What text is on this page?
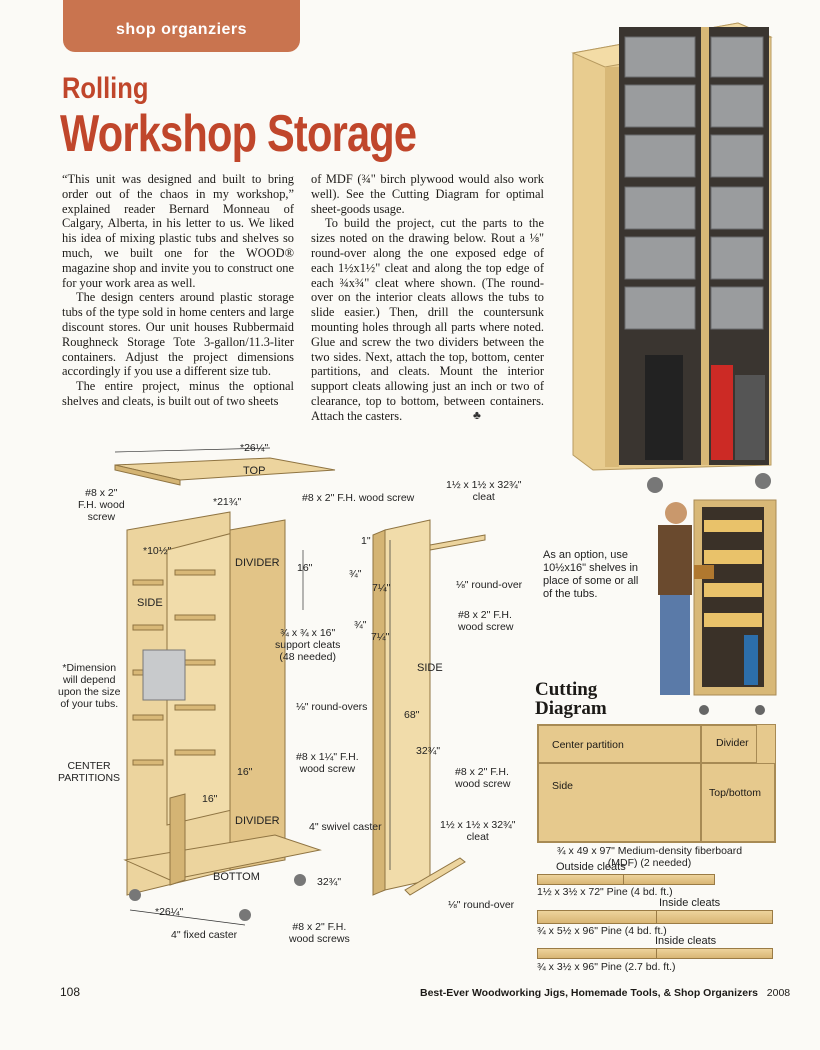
shop organziers
Rolling
Workshop Storage

“This unit was designed and built to bring order out of the chaos in my workshop,” explained reader Bernard Monneau of Calgary, Alberta, in his letter to us. We liked his idea of mixing plastic tubs and shelves so much, we built one for the WOOD® magazine shop and invite you to construct one for your work area as well.

The design centers around plastic storage tubs of the type sold in home centers and large discount stores. Our unit houses Rubbermaid Roughneck Storage Tote 3-gallon/11.3-liter containers. Adjust the project dimensions accordingly if you use a different size tub.

The entire project, minus the optional shelves and cleats, is built out of two sheets

of MDF (¾" birch plywood would also work well). See the Cutting Diagram for optimal sheet-goods usage.

To build the project, cut the parts to the sizes noted on the drawing below. Rout a ⅛" round-over along the one exposed edge of each 1½x1½" cleat and along the top edge of each ¾x¾" cleat where shown. (The round-over on the interior cleats allows the tubs to slide easier.) Then, drill the countersunk mounting holes through all parts where noted. Glue and screw the two dividers between the two sides. Next, attach the top, bottom, center partitions, and cleats. Mount the interior support cleats allowing just an inch or two of clearance, top to bottom, between containers. Attach the casters.	♣
As an option, use 10½x16" shelves in place of some or all of the tubs.
*26¼"
TOP
#8 x 2"
F.H. wood
screw
*21¾"	#8 x 2" F.H. wood screw
1½ x 1½ x 32¾"
cleat
*10½"
DIVIDER 16"
1"
¾"
7¼"	⅛" round-over
SIDE
¾ x ¾ x 16"
support cleats
(48 needed)
¾"
7¼"
#8 x 2" F.H.
wood screw
*Dimension
will depend
upon the size
of your tubs.
SIDE
⅛" round-overs
68"
CENTER
PARTITIONS
#8 x 1¼" F.H.
wood screw
16"
32¾"
#8 x 2" F.H.
wood screw
16"
DIVIDER	4" swivel caster	1½ x 1½ x 32¾"
cleat
BOTTOM	32¾"
*26¼"
⅛" round-over
4" fixed caster
#8 x 2" F.H.
wood screws
Cutting
Diagram
Center partition	Divider
Side
Top/bottom
¾ x 49 x 97" Medium-density fiberboard
(MDF) (2 needed)
Outside cleats
1½ x 3½ x 72" Pine (4 bd. ft.)
Inside cleats
¾ x 5½ x 96" Pine (4 bd. ft.)
Inside cleats
¾ x 3½ x 96" Pine (2.7 bd. ft.)
108	Best-Ever Woodworking Jigs, Homemade Tools, & Shop Organizers 2008
